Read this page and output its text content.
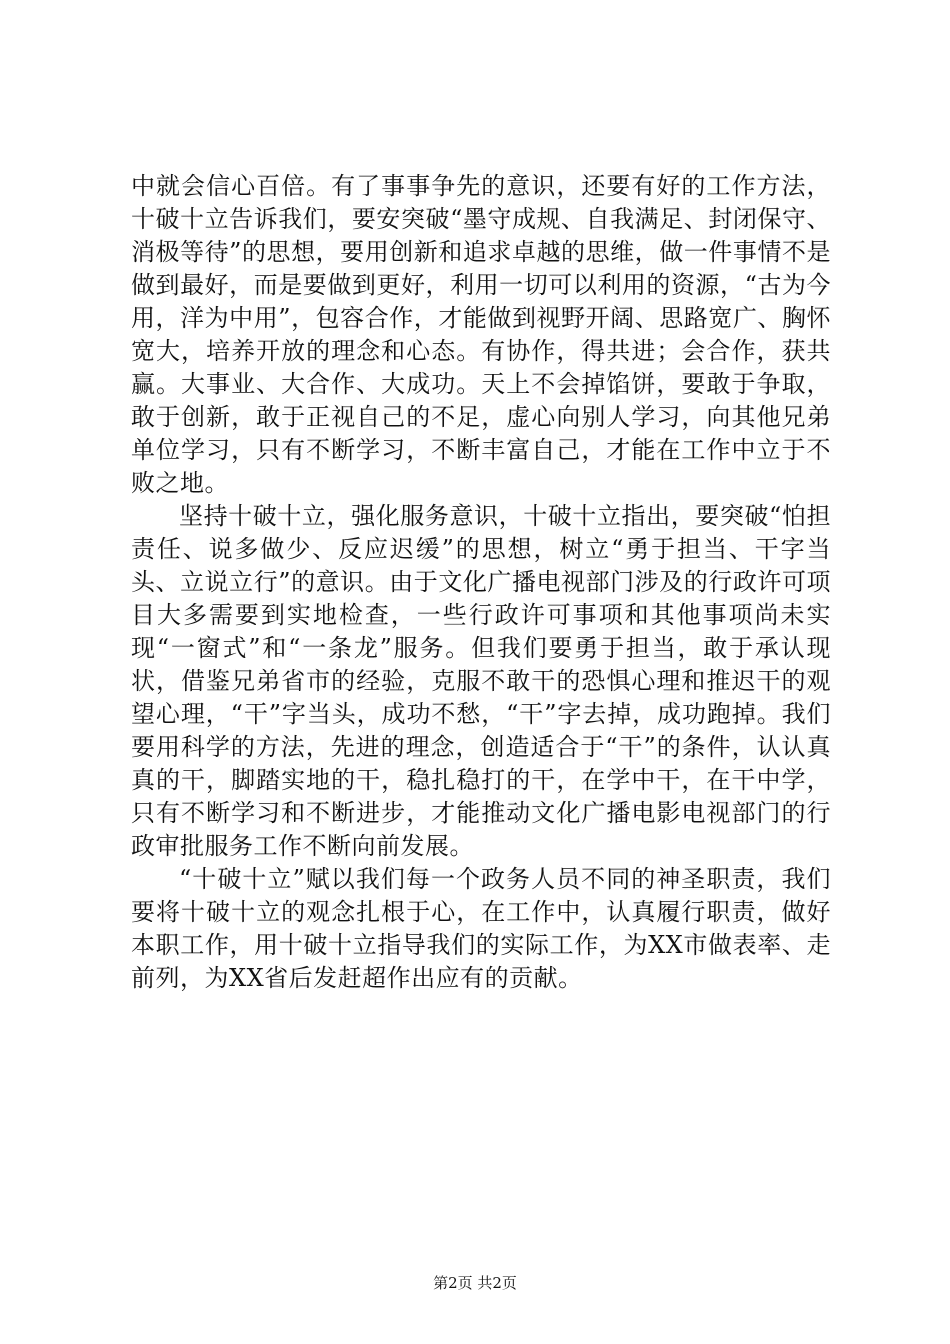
中就会信心百倍。有了事事争先的意识，还要有好的工作方法，十破十立告诉我们，要安突破“墨守成规、自我满足、封闭保守、消极等待”的思想，要用创新和追求卓越的思维，做一件事情不是做到最好，而是要做到更好，利用一切可以利用的资源，“古为今用，洋为中用”，包容合作，才能做到视野开阔、思路宽广、胸怀宽大，培养开放的理念和心态。有协作，得共进；会合作，获共赢。大事业、大合作、大成功。天上不会掉馅饼，要敢于争取，敢于创新，敢于正视自己的不足，虚心向别人学习，向其他兄弟单位学习，只有不断学习，不断丰富自己，才能在工作中立于不败之地。

坚持十破十立，强化服务意识，十破十立指出，要突破“怕担责任、说多做少、反应迟缓”的思想，树立“勇于担当、干字当头、立说立行”的意识。由于文化广播电视部门涉及的行政许可项目大多需要到实地检查，一些行政许可事项和其他事项尚未实现“一窗式”和“一条龙”服务。但我们要勇于担当，敢于承认现状，借鉴兄弟省市的经验，克服不敢干的恐惧心理和推迟干的观望心理，“干”字当头，成功不愁，“干”字去掉，成功跑掉。我们要用科学的方法，先进的理念，创造适合于“干”的条件，认认真真的干，脚踏实地的干，稳扎稳打的干，在学中干，在干中学，只有不断学习和不断进步，才能推动文化广播电影电视部门的行政审批服务工作不断向前发展。

“十破十立”赋以我们每一个政务人员不同的神圣职责，我们要将十破十立的观念扎根于心，在工作中，认真履行职责，做好本职工作，用十破十立指导我们的实际工作，为XX市做表率、走前列，为XX省后发赶超作出应有的贡献。

第2页 共2页
